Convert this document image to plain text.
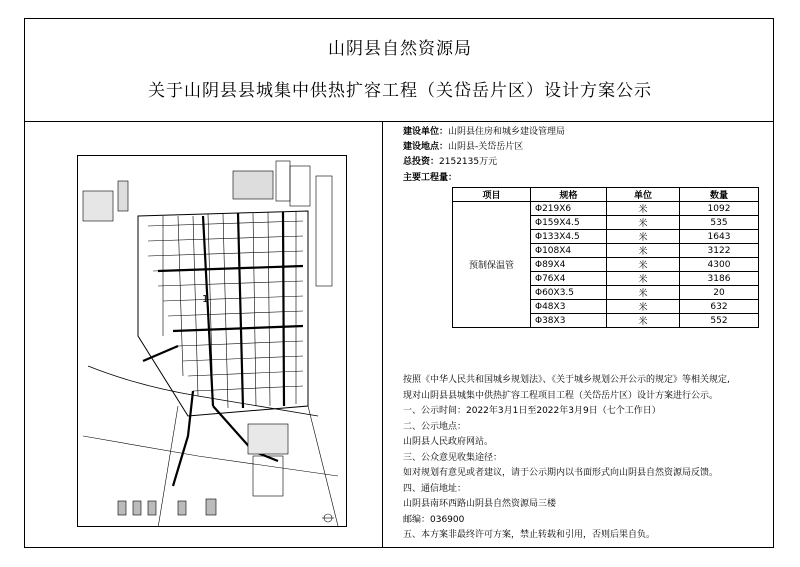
山阴县自然资源局
关于山阴县县城集中供热扩容工程（关岱岳片区）设计方案公示
1
建设单位：山阴县住房和城乡建设管理局
建设地点：山阴县-关岱岳片区
总投资：2152135万元
主要工程量：
项目	规格	单位	数量
预制保温管	Φ219X6	米	1092
	Φ159X4.5	米	535
	Φ133X4.5	米	1643
	Φ108X4	米	3122
	Φ89X4	米	4300
	Φ76X4	米	3186
	Φ60X3.5	米	20
	Φ48X3	米	632
	Φ38X3	米	552
按照《中华人民共和国城乡规划法》、《关于城乡规划公开公示的规定》等相关规定,
现对山阴县县城集中供热扩容工程项目工程（关岱岳片区）设计方案进行公示。
一、公示时间：2022年3月1日至2022年3月9日（七个工作日）
二、公示地点：
山阴县人民政府网站。
三、公众意见收集途径：
如对规划有意见或者建议，请于公示期内以书面形式向山阴县自然资源局反馈。
四、通信地址：
山阴县南环西路山阴县自然资源局三楼
邮编：036900
五、本方案非最终许可方案，禁止转载和引用，否则后果自负。
